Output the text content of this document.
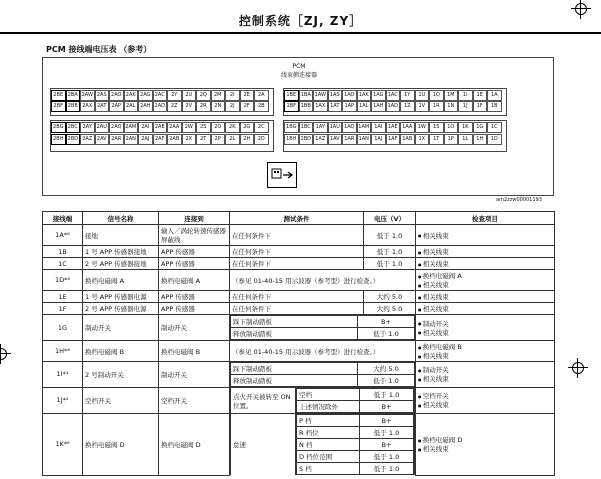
控制系统［ZJ, ZY］
PCM 接线端电压表 （参考）
PCM
线束侧连接器
2BE 2BA 2AW 2AS 2AO 2AK 2AG 2AC	2Y	2U	2Q	2M	2I	2E	2A
2BF 2BB 2AX 2AT	2AP 2AL 2AH 2AD	2Z	2V	2R	2N	2J	2F	2B
2BG 2BC 2AY 2AU 2AQ 2AM	2AI	2AE 2AA	2W	2S	2O	2K	2G	2C
2BH 2BD 2AZ 2AV 2AR 2AN	2AJ	2AF 2AB	2X	2T	2P	2L	2H	2D
1BE 1BA 1AW 1AS 1AO 1AK 1AG 1AC	1Y	1U	1Q	1M	1I	1E	1A
1BF 1BB 1AX 1AT	1AP 1AL 1AH 1AD	1Z	1V	1R	1N	1J	1F	1B
1BG 1BC 1AY 1AU 1AQ 1AM	1AI	1AE 1AA	1W	1S	1O	1K	1G	1C
1BH 1BD 1AZ 1AV 1AR 1AN	1AJ	1AF 1AB	1X	1T	1P	1L	1H	1D
am2zzw00001193
接线端	信号名称	连接到	测试条件	电压（V）	检查项目
1A*⁶	接地	输入／涡轮转速传感器屏蔽线	在任何条件下	低于 1.0	
●相关线束

1B	1 号 APP 传感器接地	APP 传感器	在任何条件下	低于 1.0	
●相关线束

1C	2 号 APP 传感器接地	APP 传感器	在任何条件下	低于 1.0	
●相关线束

1D*⁶	换档电磁阀 A	换档电磁阀 A	（参见 01-40-15 用示波器（参考型）进行检查。）	
● 换档电磁阀 A
● 相关线束

1E	1 号 APP 传感器电源	APP 传感器	在任何条件下	大约 5.0	
●相关线束

1F	2 号 APP 传感器电源	APP 传感器	在任何条件下	大约 5.0	
●相关线束

1G	制动开关	制动开关	
踩下制动踏板	B+
释放制动踏板	低于 1.0

● 制动开关
● 相关线束

1H*⁶	换档电磁阀 B	换档电磁阀 B	（参见 01-40-15 用示波器（参考型）进行检查。）	
● 换档电磁阀 B
● 相关线束

1I*¹	2 号制动开关	制动开关	
踩下制动踏板	大约 5.0
释放制动踏板	低于 1.0

● 制动开关
● 相关线束

1J*²	空档开关	空档开关		点火开关被转至 ON 位置。	
空档	低于 1.0
上述情况除外	B+

● 空档开关
● 相关线束

1K*⁶	换档电磁阀 D	换档电磁阀 D		怠速	
P 档	B+
R 档位	低于 1.0
N 档	B+
D 档位范围	低于 1.0
S 档	低于 1.0

● 换档电磁阀 D
● 相关线束
